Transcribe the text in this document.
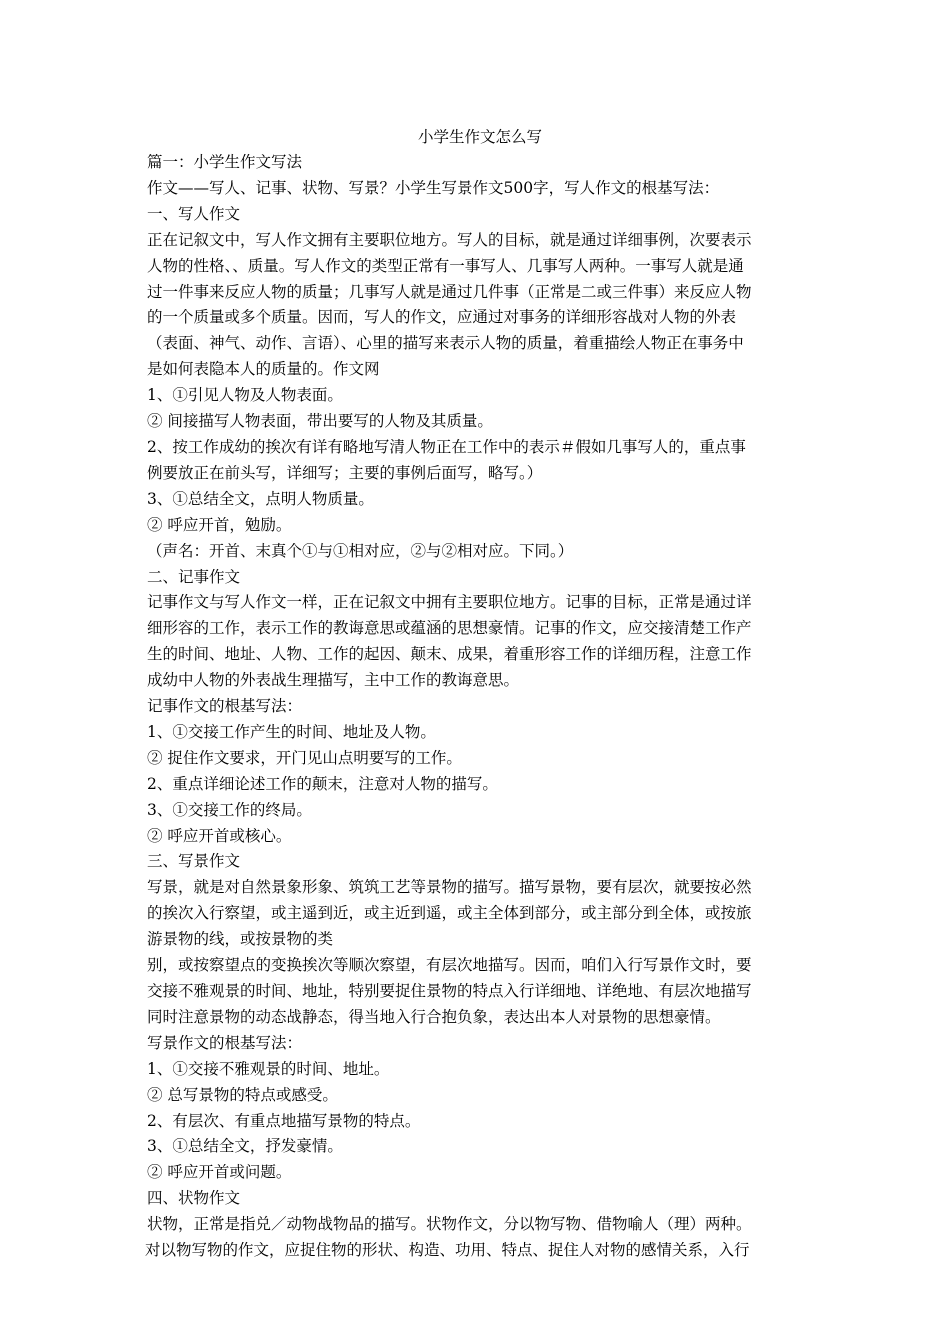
小学生作文怎么写

篇一：小学生作文写法

作文——写人、记事、状物、写景？小学生写景作文500字，写人作文的根基写法：

一、写人作文

正在记叙文中，写人作文拥有主要职位地方。写人的目标，就是通过详细事例，次要表示
人物的性格、、质量。写人作文的类型正常有一事写人、几事写人两种。一事写人就是通
过一件事来反应人物的质量；几事写人就是通过几件事（正常是二或三件事）来反应人物
的一个质量或多个质量。因而，写人的作文，应通过对事务的详细形容战对人物的外表
（表面、神气、动作、言语）、心里的描写来表示人物的质量，着重描绘人物正在事务中
是如何表隐本人的质量的。作文网

1、①引见人物及人物表面。

② 间接描写人物表面，带出要写的人物及其质量。

2、按工作成幼的挨次有详有略地写清人物正在工作中的表示＃假如几事写人的，重点事
例要放正在前头写，详细写；主要的事例后面写，略写。）

3、①总结全文，点明人物质量。

② 呼应开首，勉励。

（声名：开首、末真个①与①相对应，②与②相对应。下同。）

二、记事作文

记事作文与写人作文一样，正在记叙文中拥有主要职位地方。记事的目标，正常是通过详
细形容的工作，表示工作的教诲意思或蕴涵的思想豪情。记事的作文，应交接清楚工作产
生的时间、地址、人物、工作的起因、颠末、成果，着重形容工作的详细历程，注意工作
成幼中人物的外表战生理描写，主中工作的教诲意思。

记事作文的根基写法：

1、①交接工作产生的时间、地址及人物。

② 捉住作文要求，开门见山点明要写的工作。

2、重点详细论述工作的颠末，注意对人物的描写。

3、①交接工作的终局。

② 呼应开首或核心。

三、写景作文

写景，就是对自然景象形象、筑筑工艺等景物的描写。描写景物，要有层次，就要按必然
的挨次入行察望，或主遥到近，或主近到遥，或主全体到部分，或主部分到全体，或按旅
游景物的线，或按景物的类
别，或按察望点的变换挨次等顺次察望，有层次地描写。因而，咱们入行写景作文时，要
交接不雅观景的时间、地址，特别要捉住景物的特点入行详细地、详绝地、有层次地描写
同时注意景物的动态战静态，得当地入行合抱负象，表达出本人对景物的思想豪情。

写景作文的根基写法：

1、①交接不雅观景的时间、地址。

② 总写景物的特点或感受。

2、有层次、有重点地描写景物的特点。

3、①总结全文，抒发豪情。

② 呼应开首或问题。

四、状物作文

状物，正常是指兑／动物战物品的描写。状物作文，分以物写物、借物喻人（理）两种。
对以物写物的作文，应捉住物的形状、构造、功用、特点、捉住人对物的感情关系，入行
